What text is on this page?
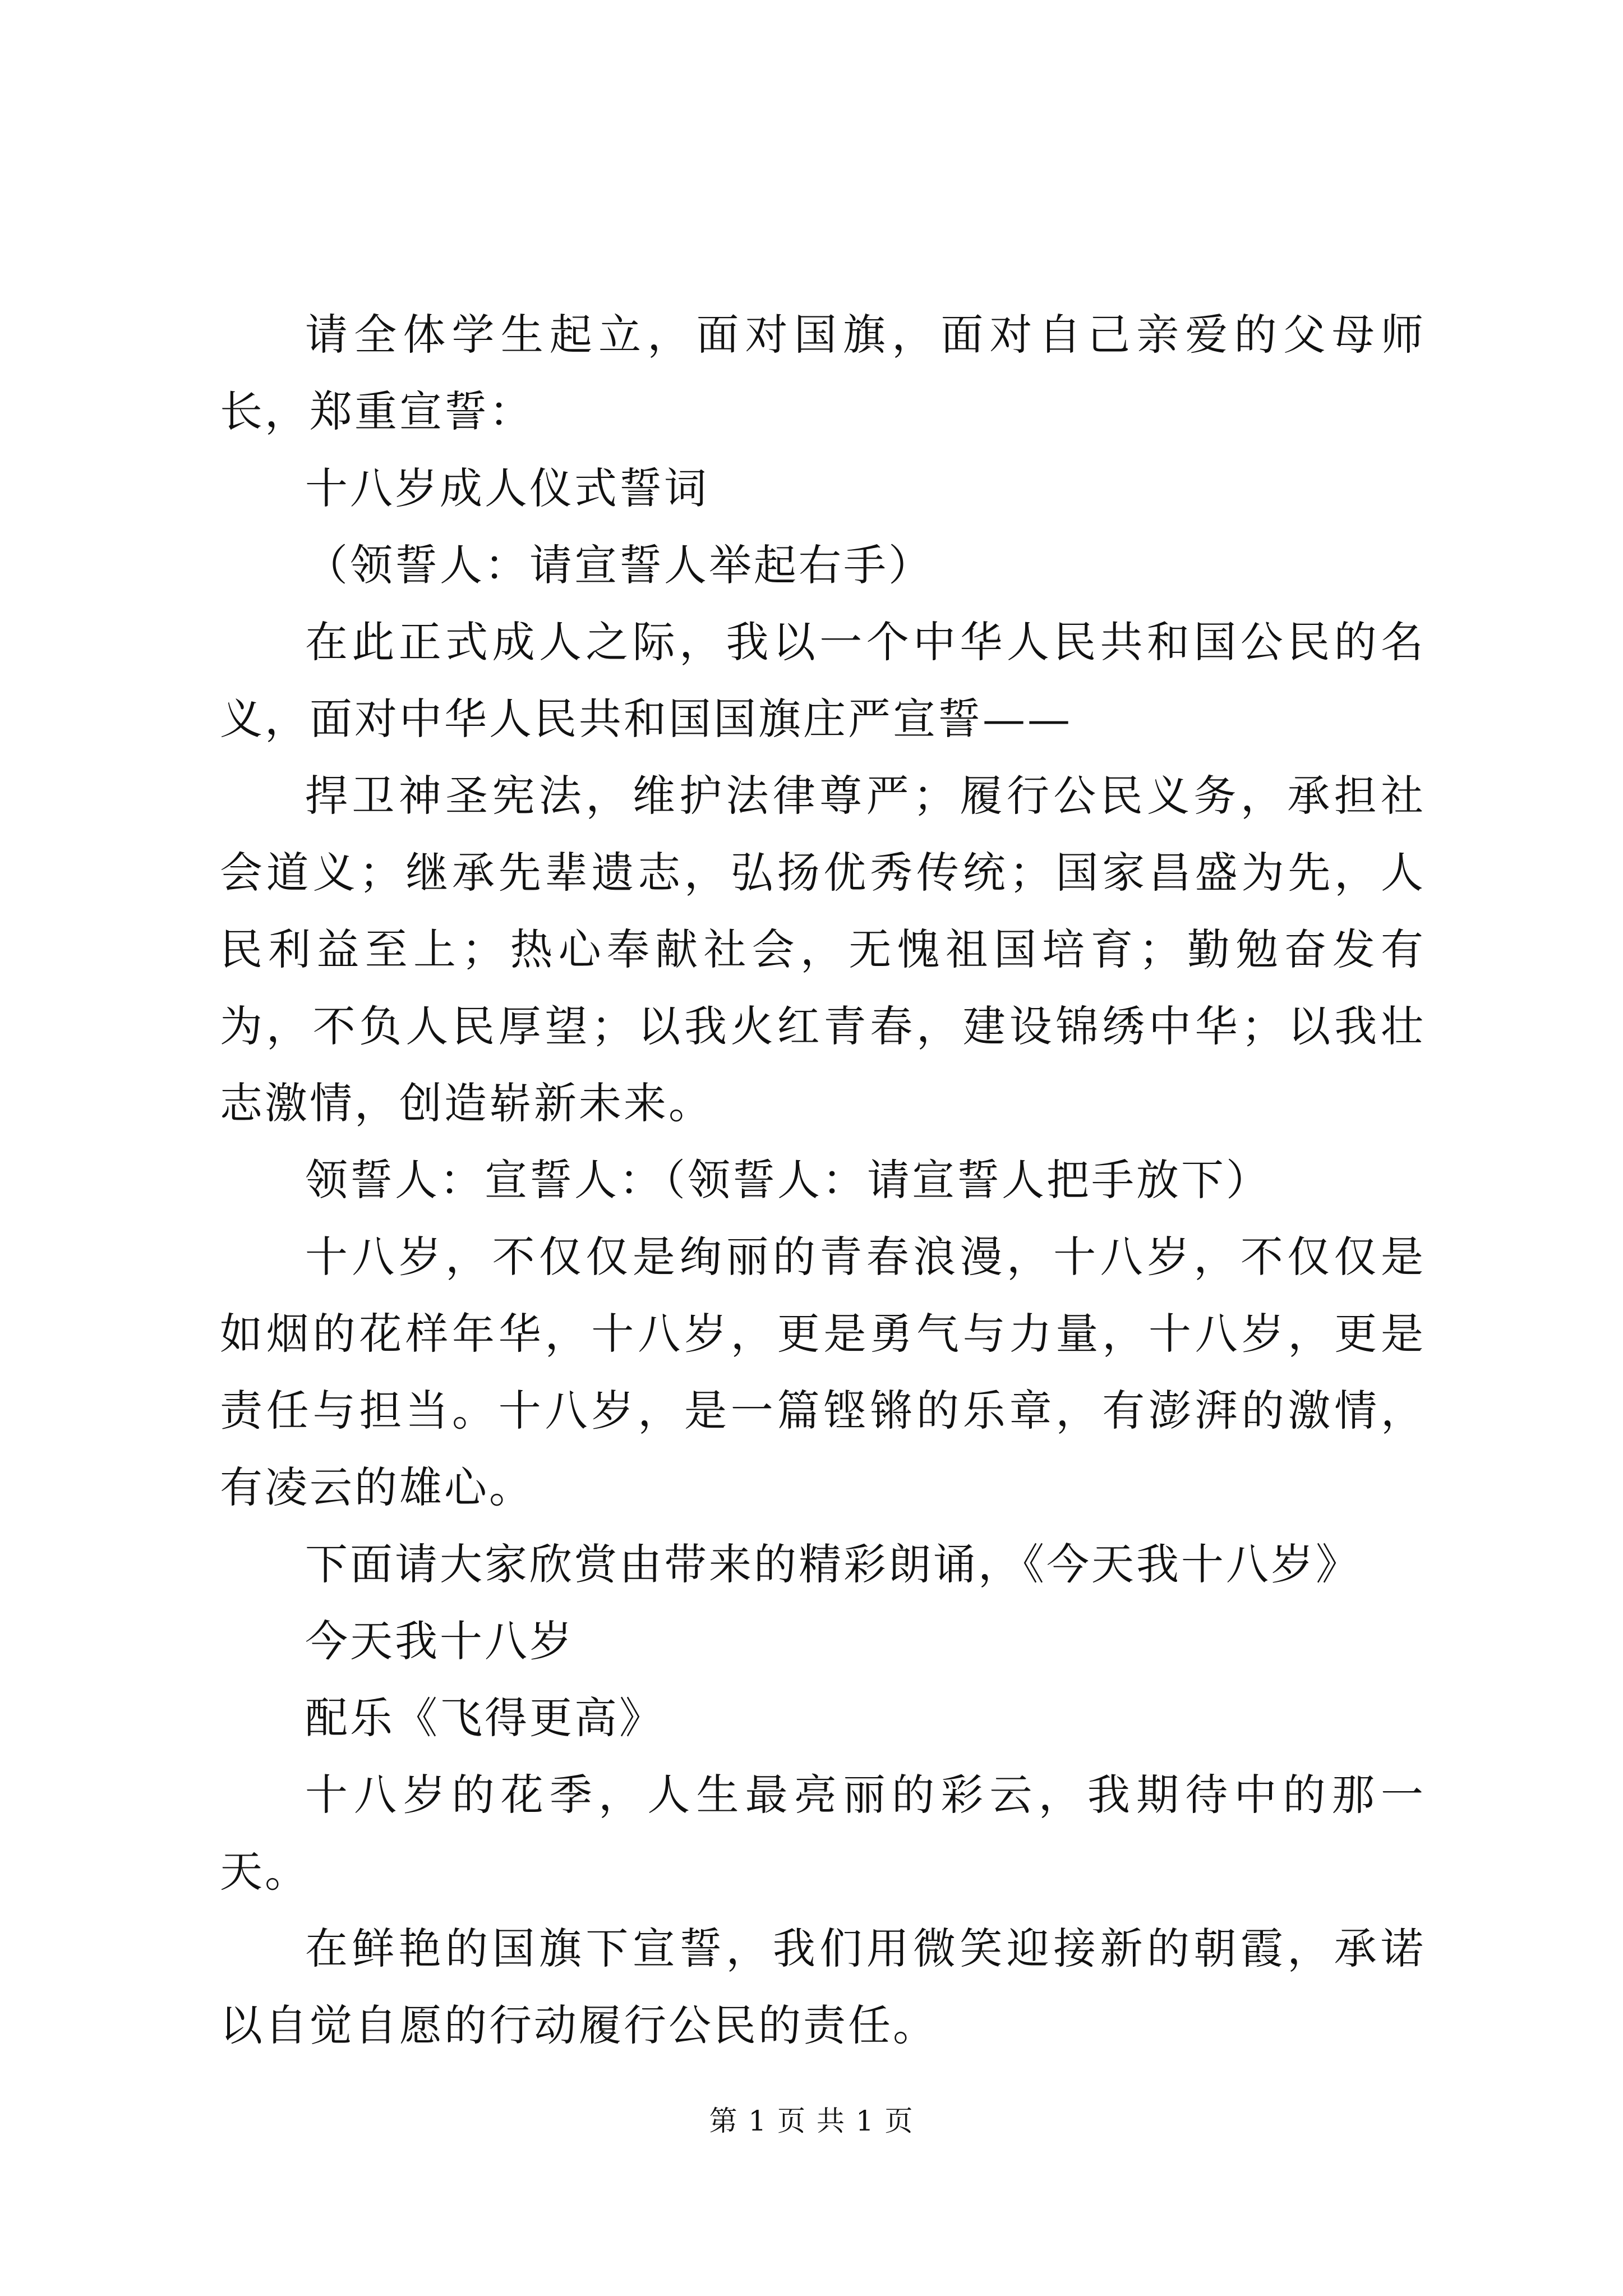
请全体学生起立，面对国旗，面对自己亲爱的父母师长，郑重宣誓：

十八岁成人仪式誓词

（领誓人：请宣誓人举起右手）

在此正式成人之际，我以一个中华人民共和国公民的名义，面对中华人民共和国国旗庄严宣誓——

捍卫神圣宪法，维护法律尊严；履行公民义务，承担社会道义；继承先辈遗志，弘扬优秀传统；国家昌盛为先，人民利益至上；热心奉献社会，无愧祖国培育；勤勉奋发有为，不负人民厚望；以我火红青春，建设锦绣中华；以我壮志激情，创造崭新未来。

领誓人：宣誓人：（领誓人：请宣誓人把手放下）

十八岁，不仅仅是绚丽的青春浪漫，十八岁，不仅仅是如烟的花样年华，十八岁，更是勇气与力量，十八岁，更是责任与担当。十八岁，是一篇铿锵的乐章，有澎湃的激情，有凌云的雄心。

下面请大家欣赏由带来的精彩朗诵，《今天我十八岁》

今天我十八岁

配乐《飞得更高》

十八岁的花季，人生最亮丽的彩云，我期待中的那一天。

在鲜艳的国旗下宣誓，我们用微笑迎接新的朝霞，承诺以自觉自愿的行动履行公民的责任。

第 1 页 共 1 页
